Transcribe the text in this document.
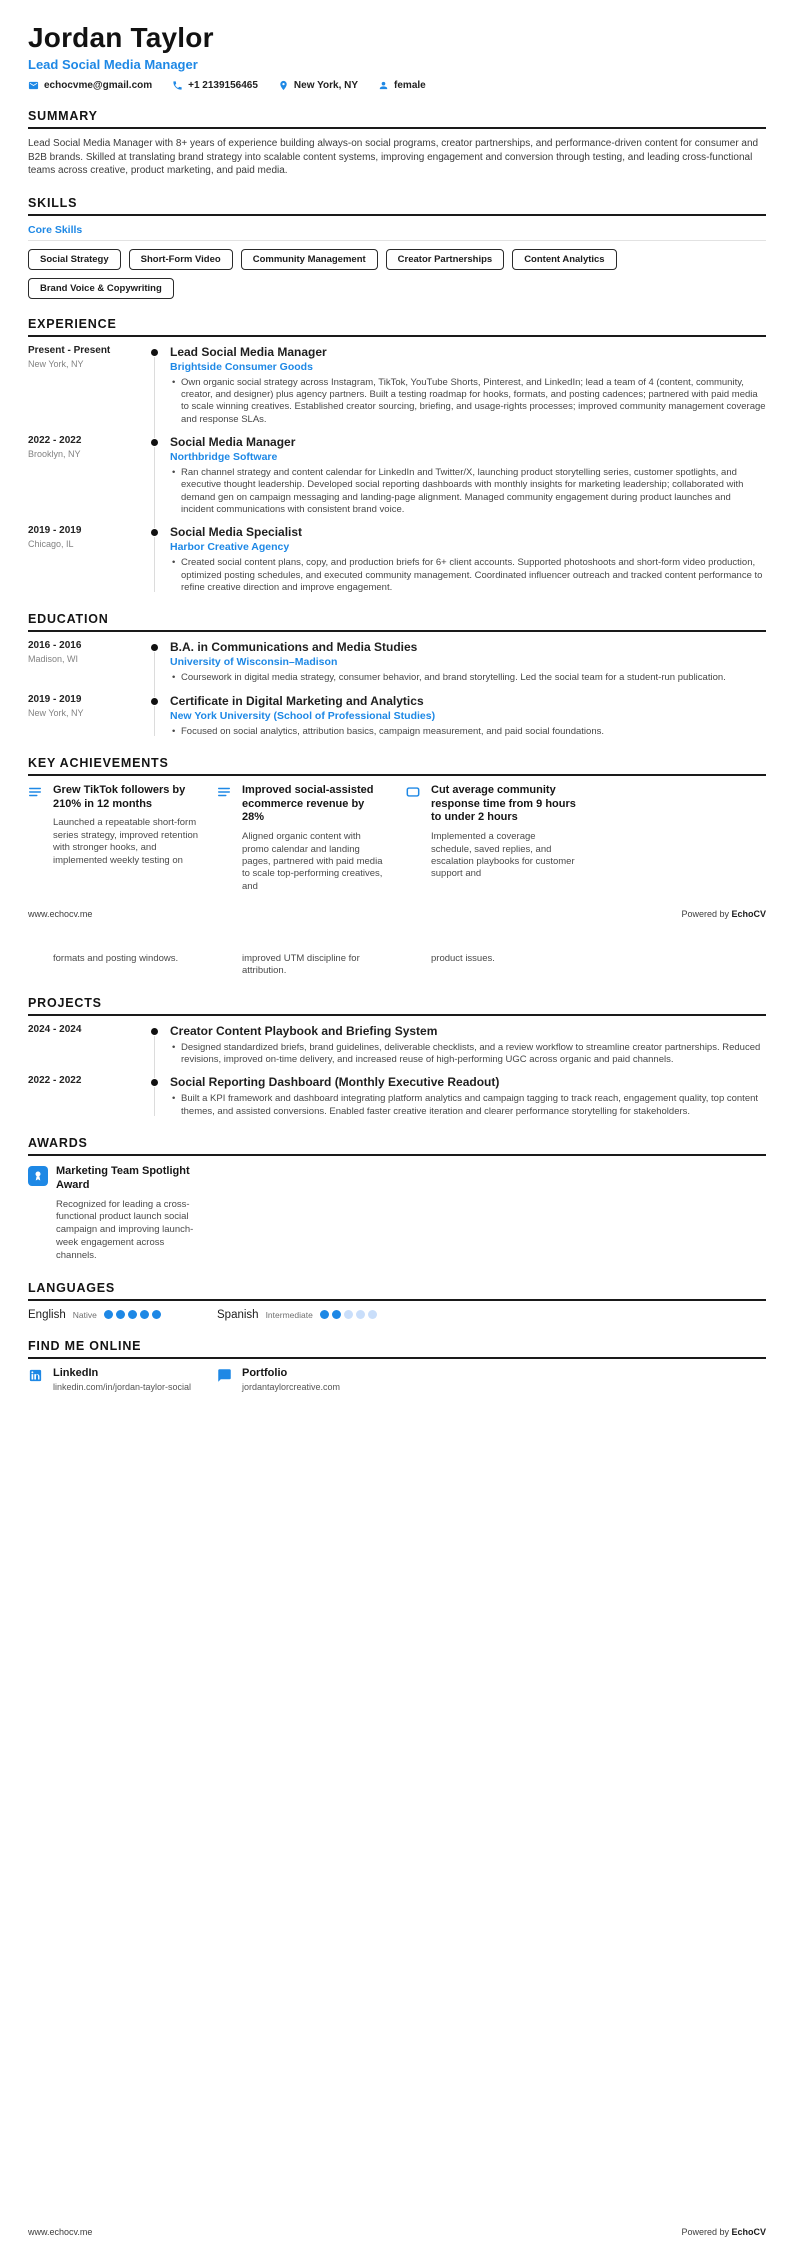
Jordan Taylor
Lead Social Media Manager
echocvme@gmail.com	+1 2139156465	New York, NY	female
SUMMARY

Lead Social Media Manager with 8+ years of experience building always-on social programs, creator partnerships, and performance-driven content for consumer and B2B brands. Skilled at translating brand strategy into scalable content systems, improving engagement and conversion through testing, and leading cross-functional teams across creative, product marketing, and paid media.

SKILLS
Core Skills
Social Strategy	Short-Form Video	Community Management	Creator Partnerships	Content Analytics
Brand Voice & Copywriting
EXPERIENCE
Present - Present
New York, NY
Lead Social Media Manager
Brightside Consumer Goods
• Own organic social strategy across Instagram, TikTok, YouTube Shorts, Pinterest, and LinkedIn; lead a team of 4 (content, community, creator, and designer) plus agency partners. Built a testing roadmap for hooks, formats, and posting cadences; partnered with paid media to scale winning creatives. Established creator sourcing, briefing, and usage-rights processes; improved community management coverage and response SLAs.
2022 - 2022
Brooklyn, NY
Social Media Manager
Northbridge Software
• Ran channel strategy and content calendar for LinkedIn and Twitter/X, launching product storytelling series, customer spotlights, and executive thought leadership. Developed social reporting dashboards with monthly insights for marketing leadership; collaborated with demand gen on campaign messaging and landing-page alignment. Managed community engagement during product launches and incident communications with consistent brand voice.
2019 - 2019
Chicago, IL
Social Media Specialist
Harbor Creative Agency
• Created social content plans, copy, and production briefs for 6+ client accounts. Supported photoshoots and short-form video production, optimized posting schedules, and executed community management. Coordinated influencer outreach and tracked content performance to refine creative direction and improve engagement.
EDUCATION
2016 - 2016
Madison, WI
B.A. in Communications and Media Studies
University of Wisconsin–Madison
• Coursework in digital media strategy, consumer behavior, and brand storytelling. Led the social team for a student-run publication.
2019 - 2019
New York, NY
Certificate in Digital Marketing and Analytics
New York University (School of Professional Studies)
• Focused on social analytics, attribution basics, campaign measurement, and paid social foundations.
KEY ACHIEVEMENTS
Grew TikTok followers by 210% in 12 months
Launched a repeatable short-form series strategy, improved retention with stronger hooks, and implemented weekly testing on
Improved social-assisted ecommerce revenue by 28%
Aligned organic content with promo calendar and landing pages, partnered with paid media to scale top-performing creatives, and
Cut average community response time from 9 hours to under 2 hours
Implemented a coverage schedule, saved replies, and escalation playbooks for customer support and
www.echocv.me	Powered by EchoCV
formats and posting windows.	improved UTM discipline for attribution.
product issues.
PROJECTS
2024 - 2024	Creator Content Playbook and Briefing System
• Designed standardized briefs, brand guidelines, deliverable checklists, and a review workflow to streamline creator partnerships. Reduced revisions, improved on-time delivery, and increased reuse of high-performing UGC across organic and paid channels.
2022 - 2022	Social Reporting Dashboard (Monthly Executive Readout)
• Built a KPI framework and dashboard integrating platform analytics and campaign tagging to track reach, engagement quality, top content themes, and assisted conversions. Enabled faster creative iteration and clearer performance storytelling for stakeholders.
AWARDS
Marketing Team Spotlight Award
Recognized for leading a cross-functional product launch social campaign and improving launch-week engagement across channels.
LANGUAGES
English Native	Spanish Intermediate
FIND ME ONLINE
LinkedIn
linkedin.com/in/jordan-taylor-social
Portfolio
jordantaylorcreative.com
www.echocv.me	Powered by EchoCV
